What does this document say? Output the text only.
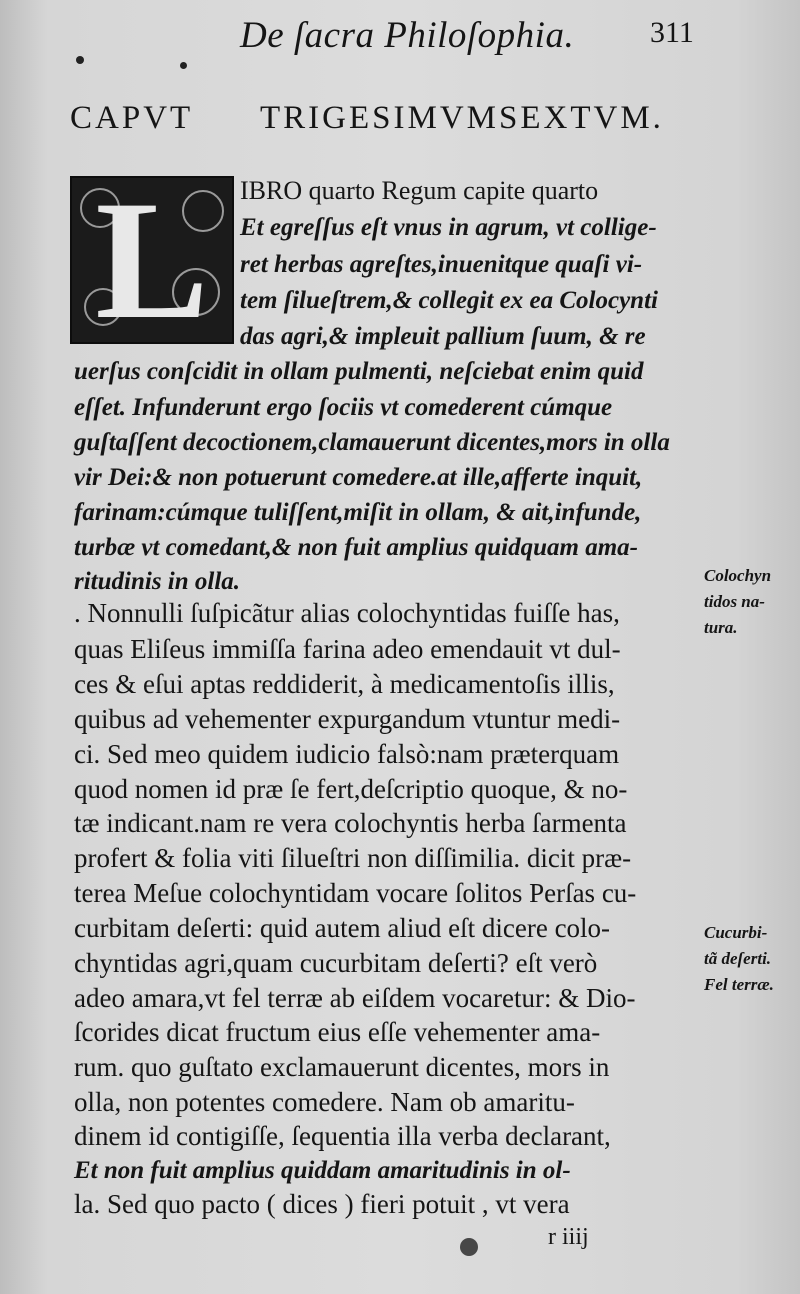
De ſacra Philoſophia.	311
CAPVT TRIGESIMVMSEXTVM.
L	IBRO quarto Regum capite quarto
Et egreſſus eſt vnus in agrum, vt collige-
ret herbas agreſtes,inuenitque quaſi vi-
tem ſilueſtrem,& collegit ex ea Colocynti
das agri,& impleuit pallium ſuum, & re
uerſus conſcidit in ollam pulmenti, neſciebat enim quid
eſſet. Infunderunt ergo ſociis vt comederent cúmque
guſtaſſent decoctionem,clamauerunt dicentes,mors in olla
vir Dei:& non potuerunt comedere.at ille,afferte inquit,
farinam:cúmque tuliſſent,miſit in ollam, & ait,infunde,
turbæ vt comedant,& non fuit amplius quidquam ama-
ritudinis in olla.
. Nonnulli ſuſpicãtur alias colochyntidas fuiſſe has,
quas Eliſeus immiſſa farina adeo emendauit vt dul-
ces & eſui aptas reddiderit, à medicamentoſis illis,
quibus ad vehementer expurgandum vtuntur medi-
ci. Sed meo quidem iudicio falsò:nam præterquam
quod nomen id præ ſe fert,deſcriptio quoque, & no-
tæ indicant.nam re vera colochyntis herba ſarmenta
profert & folia viti ſilueſtri non diſſimilia. dicit præ-
terea Meſue colochyntidam vocare ſolitos Perſas cu-
curbitam deſerti: quid autem aliud eſt dicere colo-
chyntidas agri,quam cucurbitam deſerti? eſt verò
adeo amara,vt fel terræ ab eiſdem vocaretur: & Dio-
ſcorides dicat fructum eius eſſe vehementer ama-
rum. quo guſtato exclamauerunt dicentes, mors in
olla, non potentes comedere. Nam ob amaritu-
dinem id contigiſſe, ſequentia illa verba declarant,
Et non fuit amplius quiddam amaritudinis in ol-
la. Sed quo pacto ( dices ) fieri potuit , vt vera
Colochyn
tidos na-
tura.
Cucurbi-
tã deſerti.
Fel terræ.
r iiij
